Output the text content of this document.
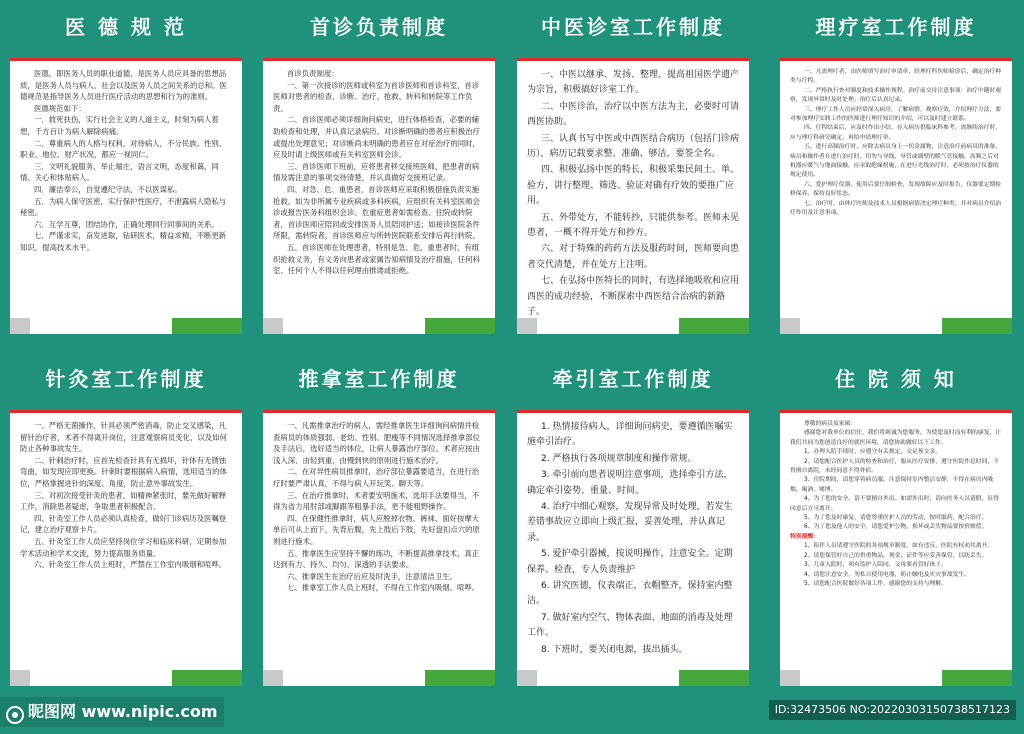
医 德 规 范

医德，即医务人员的职业道德，是医务人员应具备的思想品质，是医务人员与病人、社会以及医务人员之间关系的总和。医德规范是指导医务人员进行医疗活动的思想和行为的准则。

医德规范如下：

一．救死扶伤，实行社会主义的人道主义，时刻为病人着想，千方百计为病人解除病痛。

二．尊重病人的人格与权利，对待病人，不分民族、性别、职业、地位、财产状况，都应一视同仁。

三．文明礼貌服务，举止端庄，语言文明，态度和蔼，同情、关心和体贴病人。

四．廉洁奉公，自觉遵纪守法，不以医谋私。

五．为病人保守医密，实行保护性医疗，不泄露病人隐私与秘密。

六．互学互尊，团结协作，正确处理同行同事间的关系。

七．严谨求实，奋发进取，钻研医术，精益求精，不断更新知识，提高技术水平。

首诊负责制度

首诊负责制度：

一、第一次接诊的医师或科室为首诊医师和首诊科室，首诊医师对患者的检查、诊断、治疗、抢救、转科和转院等工作负责。

二、首诊医师必须详细询问病史，进行体格检查，必要的辅助检查和处理，并认真记录病历。对诊断明确的患者应积极治疗或提出处理意见；对诊断尚未明确的患者应在对症治疗的同时，应及时请上级医师或有关科室医师会诊。

三、首诊医师下班前，应将患者移交接班医师，把患者的病情及需注意的事项交待清楚，并认真做好交接班记录。

四、对急、危、重患者，首诊医师应采取积极措施负责实施抢救。如为非所属专业疾病或多科疾病，应组织有关科室医师会诊或报告医务科组织会诊。危重症患者如需检查、住院或转院者，首诊医师应陪同或安排医务人员陪同护送；如接诊医院条件所限，需转院者，首诊医师应与所转医院联系安排后再行转院。

五、首诊医师在处理患者，特别是急、危、重患者时，有组织抢救义务，有义务向患者或家属告知病情及治疗措施，任何科室、任何个人不得以任何理由推诿或拒绝。

中医诊室工作制度

一、中医以继承、发扬、整理、提高祖国医学遗产为宗旨，积极搞好诊室工作。

二、中医诊治，治疗以中医方法为主，必要时可请西医协助。

三、认真书写中医或中西医结合病历（包括门诊病历），病历记载要求整、准确、够洁，要签全名。

四、积极弘扬中医的特长，积极采集民间土、单、验方，讲行整理、筛选、验证对确有疗效的要推广应用。

五、外带处方，不能转抄，只能供参考。医师未见患者，一概不得开处方和抄方。

六、对于特殊的药药方法及服药时间，医师要向患者交代清楚，并在处方上注明。

七、在弘扬中医特长的同时，有选择地吸收和应用西医的成功经验，不断探索中西医结合治病的新路子。

理疗室工作制度

一、凡需理疗者，由医师填写治疗申请单，经理疗科医师检诊后，确定治疗种类与疗程。

二、严格执行查对制度和技术操作规程。治疗前交待注意事项：治疗中随时观察，发现异常时及时处理；治疗后认真记录。

三、理疗工作人员应经常深入病房，了解病情，观察疗效，介绍理疗方法，要对参加理疗实践工作的医师进行理疗知识的介绍，可以及时建立联系。

四、疗程结束后，应及时作出小结，存入病历供临床科参考。需继续治疗时，应与理疗科研究确定，再给申请理疗单。

五、进行高频治疗时，应除去病员身上一切金属物，注意治疗前病员的准备，病员和操作者在进行治疗时，切勿与导线、导管或墙壁的暖气管接触，高频之后对机器应暖气与地面接触，应采取绝缘措施，在进行光线治疗时，必须按治疗仪器的规定使用。

六、爱护理疗仪器，使用后要仔细检查，发现故障应及时报告，仪器要定期检修保养，保持良好状态。

七、治疗时，由休疗医师及技术人员根据病情决定理疗种类、并对病员介绍治疗作用及注意事项。

针灸室工作制度

一、严格无菌操作，针具必须严密消毒，防止交叉感染，凡留针治疗者，术者不得离开岗位，注意观察病员变化，以及如何防止各种事故发生。

二、针刺治疗时，应首先检查针具有无损坏，针体有无锈蚀弯曲，如发现应即更换。针刺时要根据病人病情，选用适当的体位，严格掌握进针的深度、角度，防止意外事故发生。

三、对初次接受针灸的患者，如精神紧张时，要先做好解释工作，消除患者疑虑，争取患者积极配合。

四、针灸室工作人员必须认真检查，做好门诊病历及医嘱登记，建立治疗观察卡片。

五、针灸室工作人员应坚持岗位学习和临床科研，定期参加学术活动和学术交流，努力提高服务质量。

六、针灸室工作人员上班时，严禁在工作室内吸烟和喧哗。

推拿室工作制度

一、凡需推拿治疗的病人，需经推拿医生详细询问病情并检查病员的体质强弱、老幼、性别、肥瘦等不同情况选择推拿部位及手法后，选好适当的体位，让病人暴露治疗部位。术者应按由浅入深、由轻到重、由慢到快的原则进行施术治疗。

二、在对异性病员推拿时，治疗部位暴露要适当，在进行治疗时要严肃认真，不得与病人开玩笑、聊天等。

三、在治疗推拿时，术者要安明施术，选用手法要得当，不得为省力用肘部或脚跟等粗暴手法，更不能粗野操作。

四、在保健性推拿时，病人应脱掉衣物、裤袜、面好按摩大单后可从上而下，先背后腹，先上肢后下肢，先好盘扣点穴的原则进行施术。

五、推拿医生应坚持不懈的练功，不断提高推拿技术，真正达到有力、持久、均匀、深透的手法要求。

六、推拿医生在治疗后应及时洗手，注意清洁卫生。

七、推拿室工作人员上班时，不得在工作室内吸烟、喧哗。

牵引室工作制度

1. 热情接待病人，详细询问病史，要遵循医嘱实施牵引治疗。

2. 严格执行各项规章制度和操作常规。

3. 牵引前向患者说明注意事项，选择牵引方法，确定牵引姿势、重量、时间。

4. 治疗中细心观察，发现异常及时处理，若发生差错事故应立即向上级汇报，妥善处理，并认真记录。

5. 爱护牵引器械，按说明操作，注意安全。定期保养、检查，专人负责维护

6. 讲究医德，仪表端正，衣帽整齐，保持室内整洁。

7. 做好室内空气、物体表面、地面的消毒及处理工作。

8. 下班时，要关闭电源，拔出插头。

住 院 须 知

尊敬的病员及家属：

感谢您对我单位的信任，我们将竭诚为您服务。为使您及时而有利的康复，让我们共同为您创造良好的就医环境，请您协助做好以下工作。

1、办理入院手续时，应遵守有关规定，交足预交金。

2、请您配合医护人员的检查和治疗，服从医疗安排，遵守医院作息时间，不得擅自离院，未经同意不得外宿。

3、住院期间，请您穿着病员服，注意保持室内整洁安静，不得在病房内吸烟、喝酒、赌博。

4、为了您的安全，请不要擅自外出。如需外出时，请向医务人员请假，征得同意后方可离开。

5、为了您及时康复，请您尊重医护人员的劳动，按时服药，配合治疗。

6、为了您及他人的安全，请您爱护公物，损坏或丢失物品要按价赔偿。

特别提醒：

1、陪伴人员请遵守医院的各项规章制度，如有违反，医院有权劝其离开。

2、请您保管好自己的贵重物品，现金、证件等应妥善保管，以防丢失。

3、儿童入院时，须有监护人陪同，父母要看管好孩子。

4、请您注意安全，勿私自使用电器，防止触电及火灾事故发生。

5、请您配合医院做好各项工作，感谢您的支持与理解。

昵图网 www.nipic.com	ID:32473506 NO:20220303150738517123
